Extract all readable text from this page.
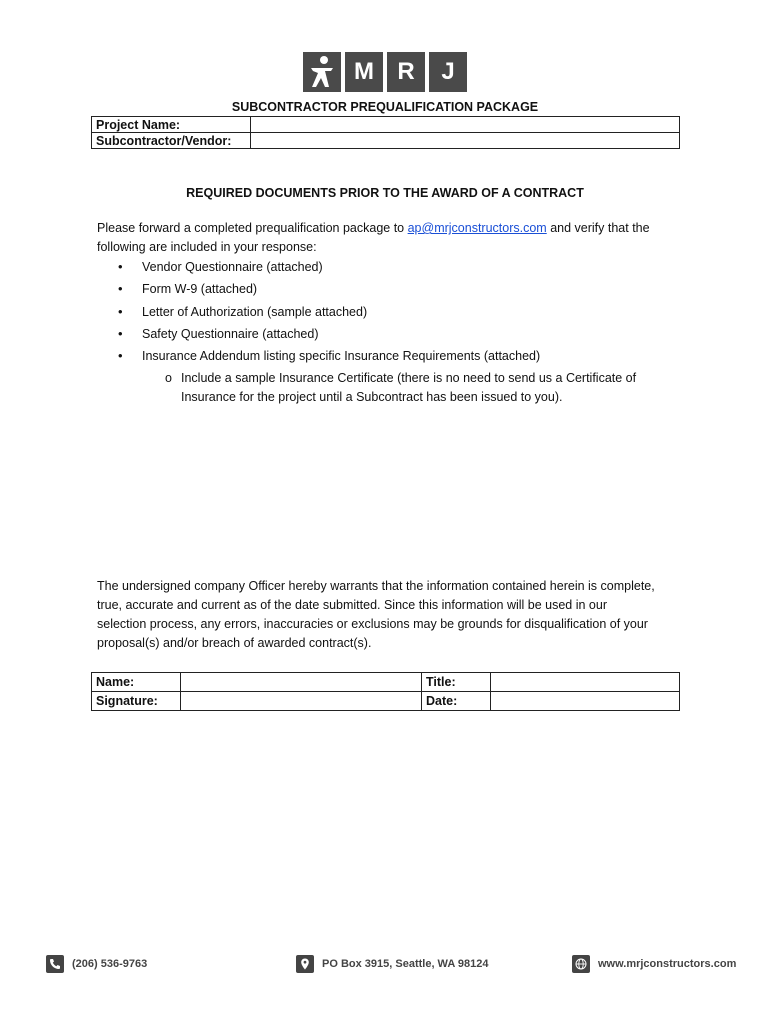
M R	J
SUBCONTRACTOR PREQUALIFICATION PACKAGE
Project Name:	
Subcontractor/Vendor:	
REQUIRED DOCUMENTS PRIOR TO THE AWARD OF A CONTRACT
Please forward a completed prequalification package to ap@mrjconstructors.com and verify that the following are included in your response:
• Vendor Questionnaire (attached)
• Form W-9 (attached)
• Letter of Authorization (sample attached)
• Safety Questionnaire (attached)
• Insurance Addendum listing specific Insurance Requirements (attached)
o Include a sample Insurance Certificate (there is no need to send us a Certificate of Insurance for the project until a Subcontract has been issued to you).
The undersigned company Officer hereby warrants that the information contained herein is complete, true, accurate and current as of the date submitted. Since this information will be used in our selection process, any errors, inaccuracies or exclusions may be grounds for disqualification of your proposal(s) and/or breach of awarded contract(s).
Name:		Title:	
Signature:		Date:	
(206) 536-9763	PO Box 3915, Seattle, WA 98124	www.mrjconstructors.com
